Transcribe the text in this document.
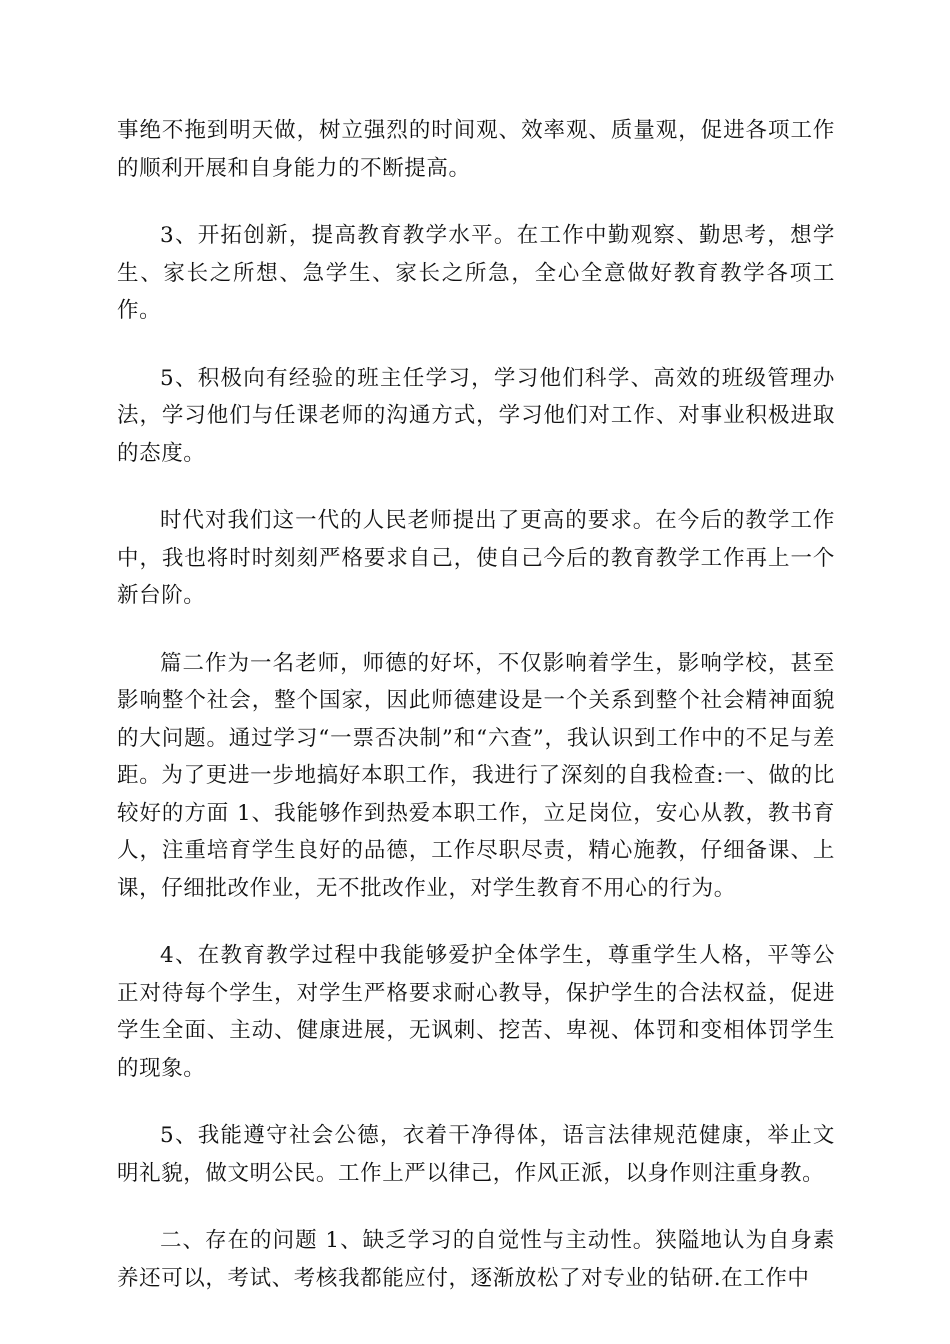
事绝不拖到明天做，树立强烈的时间观、效率观、质量观，促进各项工作的顺利开展和自身能力的不断提高。

3、开拓创新，提高教育教学水平。在工作中勤观察、勤思考，想学生、家长之所想、急学生、家长之所急，全心全意做好教育教学各项工作。

5、积极向有经验的班主任学习，学习他们科学、高效的班级管理办法，学习他们与任课老师的沟通方式，学习他们对工作、对事业积极进取的态度。

时代对我们这一代的人民老师提出了更高的要求。在今后的教学工作中，我也将时时刻刻严格要求自己，使自己今后的教育教学工作再上一个新台阶。

篇二作为一名老师，师德的好坏，不仅影响着学生，影响学校，甚至影响整个社会，整个国家，因此师德建设是一个关系到整个社会精神面貌的大问题。通过学习“一票否决制”和“六查”，我认识到工作中的不足与差距。为了更进一步地搞好本职工作，我进行了深刻的自我检查:一、做的比较好的方面 1、我能够作到热爱本职工作，立足岗位，安心从教，教书育人，注重培育学生良好的品德，工作尽职尽责，精心施教，仔细备课、上课，仔细批改作业，无不批改作业，对学生教育不用心的行为。

4、在教育教学过程中我能够爱护全体学生，尊重学生人格，平等公正对待每个学生，对学生严格要求耐心教导，保护学生的合法权益，促进学生全面、主动、健康进展，无讽刺、挖苦、卑视、体罚和变相体罚学生的现象。

5、我能遵守社会公德，衣着干净得体，语言法律规范健康，举止文明礼貌，做文明公民。工作上严以律己，作风正派，以身作则注重身教。

二、存在的问题 1、缺乏学习的自觉性与主动性。狭隘地认为自身素养还可以，考试、考核我都能应付，逐渐放松了对专业的钻研.在工作中
